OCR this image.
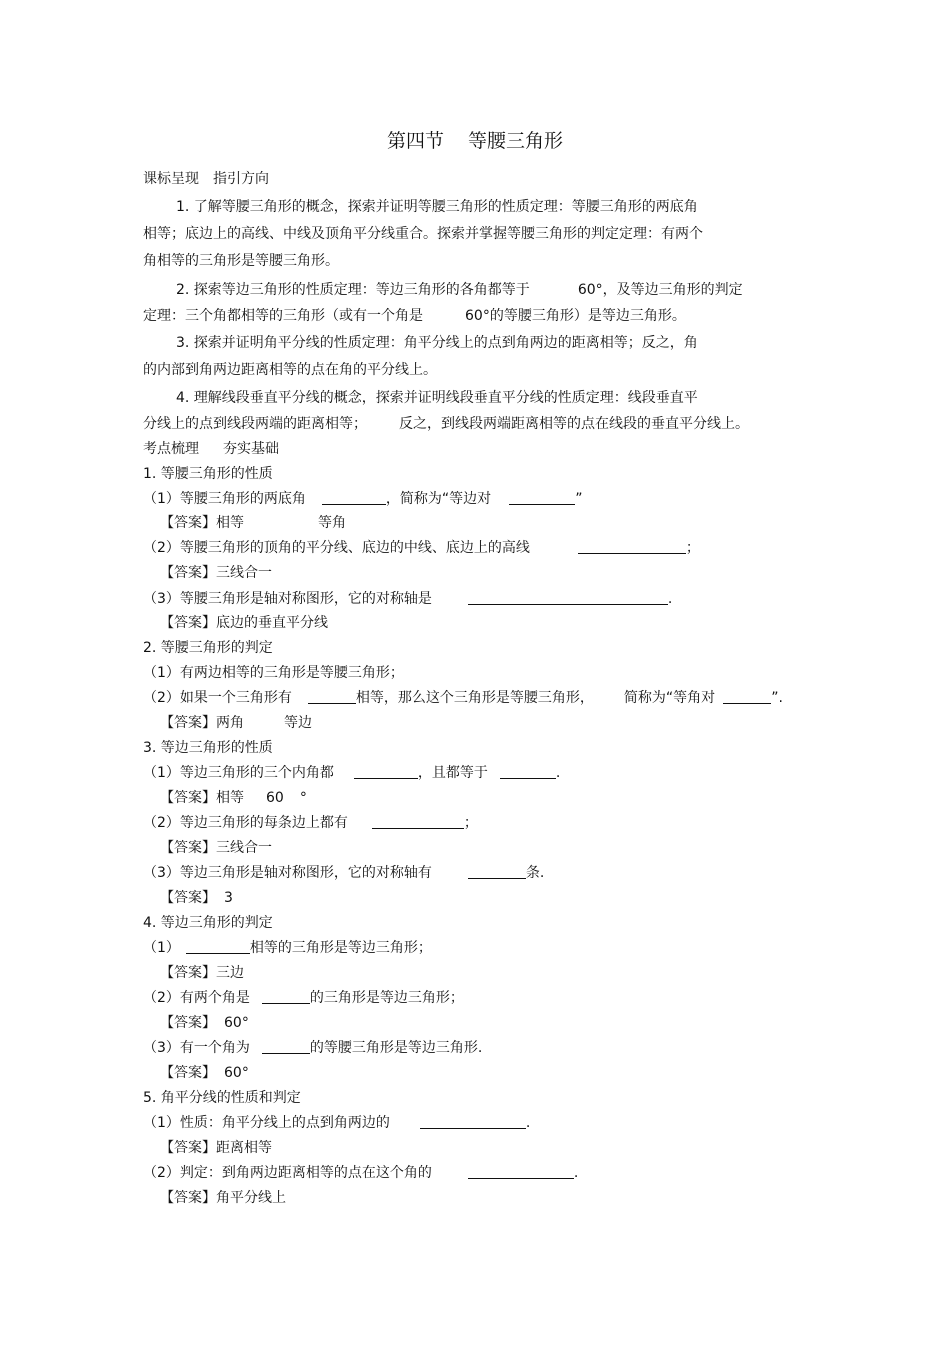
第四节 等腰三角形
课标呈现 指引方向
1. 了解等腰三角形的概念，探索并证明等腰三角形的性质定理：等腰三角形的两底角
相等；底边上的高线、中线及顶角平分线重合。探索并掌握等腰三角形的判定定理：有两个
角相等的三角形是等腰三角形。
2. 探索等边三角形的性质定理：等边三角形的各角都等于	60°，及等边三角形的判定
定理：三个角都相等的三角形（或有一个角是	60°的等腰三角形）是等边三角形。
3. 探索并证明角平分线的性质定理：角平分线上的点到角两边的距离相等；反之，角
的内部到角两边距离相等的点在角的平分线上。
4. 理解线段垂直平分线的概念，探索并证明线段垂直平分线的性质定理：线段垂直平
分线上的点到线段两端的距离相等； 反之，到线段两端距离相等的点在线段的垂直平分线上。
考点梳理 夯实基础
1. 等腰三角形的性质
（1）等腰三角形的两底角	，简称为“等边对	”
【答案】相等	等角
（2）等腰三角形的顶角的平分线、底边的中线、底边上的高线	；
【答案】三线合一
（3）等腰三角形是轴对称图形，它的对称轴是	.
【答案】底边的垂直平分线
2. 等腰三角形的判定
（1）有两边相等的三角形是等腰三角形；
（2）如果一个三角形有	相等，那么这个三角形是等腰三角形， 简称为“等角对	”.
【答案】两角	等边
3. 等边三角形的性质
（1）等边三角形的三个内角都	，且都等于	.
【答案】相等 60 °
（2）等边三角形的每条边上都有	；
【答案】三线合一
（3）等边三角形是轴对称图形，它的对称轴有	条.
【答案】 3
4. 等边三角形的判定
（1）	相等的三角形是等边三角形；
【答案】三边
（2）有两个角是	的三角形是等边三角形；
【答案】 60°
（3）有一个角为	的等腰三角形是等边三角形.
【答案】 60°
5. 角平分线的性质和判定
（1）性质：角平分线上的点到角两边的	.
【答案】距离相等
（2）判定：到角两边距离相等的点在这个角的	.
【答案】角平分线上
